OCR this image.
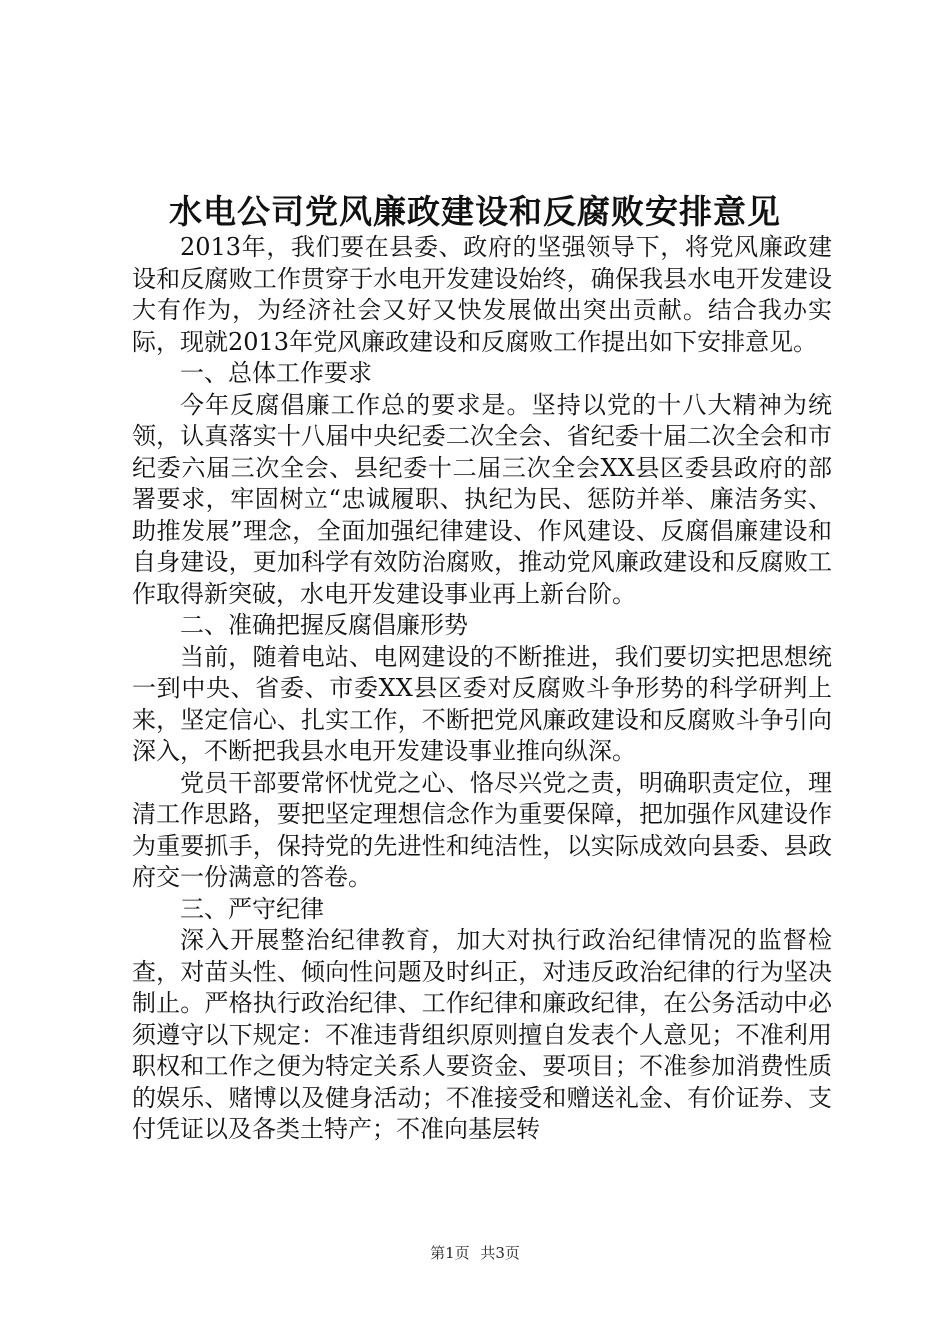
水电公司党风廉政建设和反腐败安排意见

2013年，我们要在县委、政府的坚强领导下，将党风廉政建设和反腐败工作贯穿于水电开发建设始终，确保我县水电开发建设大有作为，为经济社会又好又快发展做出突出贡献。结合我办实际，现就2013年党风廉政建设和反腐败工作提出如下安排意见。

一、总体工作要求

今年反腐倡廉工作总的要求是。坚持以党的十八大精神为统领，认真落实十八届中央纪委二次全会、省纪委十届二次全会和市纪委六届三次全会、县纪委十二届三次全会XX县区委县政府的部署要求，牢固树立“忠诚履职、执纪为民、惩防并举、廉洁务实、助推发展”理念，全面加强纪律建设、作风建设、反腐倡廉建设和自身建设，更加科学有效防治腐败，推动党风廉政建设和反腐败工作取得新突破，水电开发建设事业再上新台阶。

二、准确把握反腐倡廉形势

当前，随着电站、电网建设的不断推进，我们要切实把思想统一到中央、省委、市委XX县区委对反腐败斗争形势的科学研判上来，坚定信心、扎实工作，不断把党风廉政建设和反腐败斗争引向深入，不断把我县水电开发建设事业推向纵深。

党员干部要常怀忧党之心、恪尽兴党之责，明确职责定位，理清工作思路，要把坚定理想信念作为重要保障，把加强作风建设作为重要抓手，保持党的先进性和纯洁性，以实际成效向县委、县政府交一份满意的答卷。

三、严守纪律

深入开展整治纪律教育，加大对执行政治纪律情况的监督检查，对苗头性、倾向性问题及时纠正，对违反政治纪律的行为坚决制止。严格执行政治纪律、工作纪律和廉政纪律，在公务活动中必须遵守以下规定：不准违背组织原则擅自发表个人意见；不准利用职权和工作之便为特定关系人要资金、要项目；不准参加消费性质的娱乐、赌博以及健身活动；不准接受和赠送礼金、有价证券、支付凭证以及各类土特产；不准向基层转

第1页 共3页
